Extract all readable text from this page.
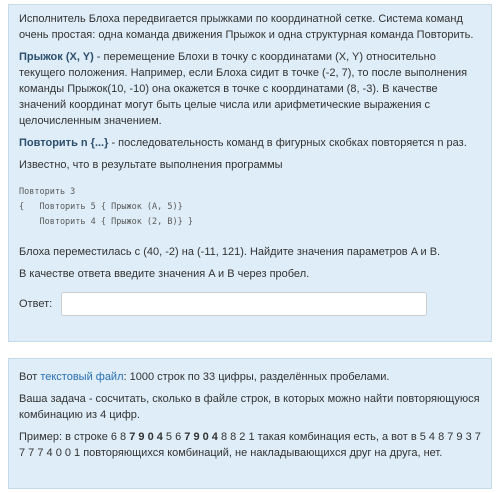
Исполнитель Блоха передвигается прыжками по координатной сетке. Система команд очень простая: одна команда движения Прыжок и одна структурная команда Повторить.

Прыжок (X, Y) - перемещение Блохи в точку с координатами (X, Y) относительно текущего положения. Например, если Блоха сидит в точке (-2, 7), то после выполнения команды Прыжок(10, -10) она окажется в точке с координатами (8, -3). В качестве значений координат могут быть целые числа или арифметические выражения с целочисленным значением.

Повторить n {...} - последовательность команд в фигурных скобках повторяется n раз.

Известно, что в результате выполнения программы

Повторить 3
{   Повторить 5 { Прыжок (A, 5)}
Повторить 4 { Прыжок (2, B)} }

Блоха переместилась с (40, -2) на (-11, 121). Найдите значения параметров A и B.

В качестве ответа введите значения A и B через пробел.

Ответ:

Вот текстовый файл: 1000 строк по 33 цифры, разделённых пробелами.

Ваша задача - сосчитать, сколько в файле строк, в которых можно найти повторяющуюся комбинацию из 4 цифр.

Пример: в строке 6 8 7 9 0 4 5 6 7 9 0 4 8 8 2 1 такая комбинация есть, а вот в 5 4 8 7 9 3 7 7 7 7 4 0 0 1 повторяющихся комбинаций, не накладывающихся друг на друга, нет.
